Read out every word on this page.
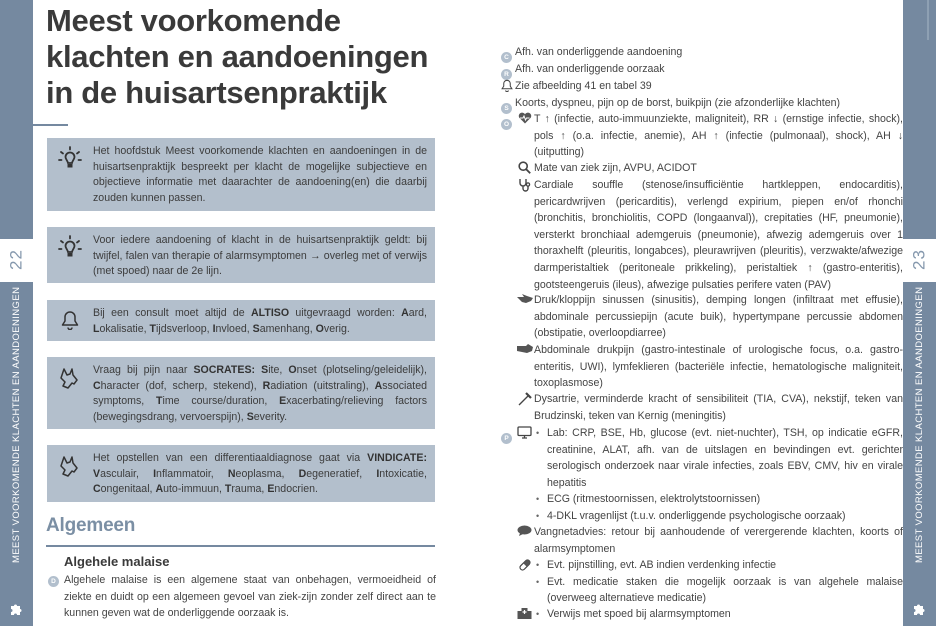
22
MEEST VOORKOMENDE KLACHTEN EN AANDOENINGEN
23
MEEST VOORKOMENDE KLACHTEN EN AANDOENINGEN
Meest voorkomende
klachten en aandoeningen
in de huisartsenpraktijk
Het hoofdstuk Meest voorkomende klachten en aandoeningen in de huisartsenpraktijk bespreekt per klacht de mogelijke subjectieve en objectieve informatie met daarachter de aandoening(en) die daarbij zouden kunnen passen.
Voor iedere aandoening of klacht in de huisartsenpraktijk geldt: bij twijfel, falen van therapie of alarmsymptomen → overleg met of verwijs (met spoed) naar de 2e lijn.
Bij een consult moet altijd de ALTISO uitgevraagd worden: Aard, Lokalisatie, Tijdsverloop, Invloed, Samenhang, Overig.
Vraag bij pijn naar SOCRATES: Site, Onset (plotseling/geleidelijk), Character (dof, scherp, stekend), Radiation (uitstraling), Associated symptoms, Time course/duration, Exacerbating/relieving factors (bewegingsdrang, vervoerspijn), Severity.
Het opstellen van een differentiaaldiagnose gaat via VINDICATE: Vasculair, Inflammatoir, Neoplasma, Degeneratief, Intoxicatie, Congenitaal, Auto-immuun, Trauma, Endocrien.
Algemeen
Algehele malaise
D Algehele malaise is een algemene staat van onbehagen, vermoeidheid of ziekte en duidt op een algemeen gevoel van ziek-zijn zonder zelf direct aan te kunnen geven wat de onderliggende oorzaak is.

C Afh. van onderliggende aandoening
R Afh. van onderliggende oorzaak
Zie afbeelding 41 en tabel 39
S Koorts, dyspneu, pijn op de borst, buikpijn (zie afzonderlijke klachten)
O	T ↑ (infectie, auto-immuunziekte, maligniteit), RR ↓ (ernstige infectie, shock), pols ↑ (o.a. infectie, anemie), AH ↑ (infectie (pulmonaal), shock), AH ↓ (uitputting)
Mate van ziek zijn, AVPU, ACIDOT
Cardiale souffle (stenose/insufficiëntie hartkleppen, endocarditis), pericardwrijven (pericarditis), verlengd expirium, piepen en/of rhonchi (bronchitis, bronchiolitis, COPD (longaanval)), crepitaties (HF, pneumonie), versterkt bronchiaal ademgeruis (pneumonie), afwezig ademgeruis over 1 thoraxhelft (pleuritis, longabces), pleurawrijven (pleuritis), verzwakte/afwezige darmperistaltiek (peritoneale prikkeling), peristaltiek ↑ (gastro-enteritis), gootsteengeruis (ileus), afwezige pulsaties perifere vaten (PAV)
Druk/kloppijn sinussen (sinusitis), demping longen (infiltraat met effusie), abdominale percussiepijn (acute buik), hypertympane percussie abdomen (obstipatie, overloopdiarree)
Abdominale drukpijn (gastro-intestinale of urologische focus, o.a. gastro-enteritis, UWI), lymfeklieren (bacteriële infectie, hematologische maligniteit, toxoplasmose)
Dysartrie, verminderde kracht of sensibiliteit (TIA, CVA), nekstijf, teken van Brudzinski, teken van Kernig (meningitis)
P	• Lab: CRP, BSE, Hb, glucose (evt. niet-nuchter), TSH, op indicatie eGFR, creatinine, ALAT, afh. van de uitslagen en bevindingen evt. gerichter serologisch onderzoek naar virale infecties, zoals EBV, CMV, hiv en virale hepatitis
• ECG (ritmestoornissen, elektrolytstoornissen)
• 4-DKL vragenlijst (t.u.v. onderliggende psychologische oorzaak)
Vangnetadvies: retour bij aanhoudende of verergerende klachten, koorts of alarmsymptomen
• Evt. pijnstilling, evt. AB indien verdenking infectie
• Evt. medicatie staken die mogelijk oorzaak is van algehele malaise (overweeg alternatieve medicatie)
• Verwijs met spoed bij alarmsymptomen
